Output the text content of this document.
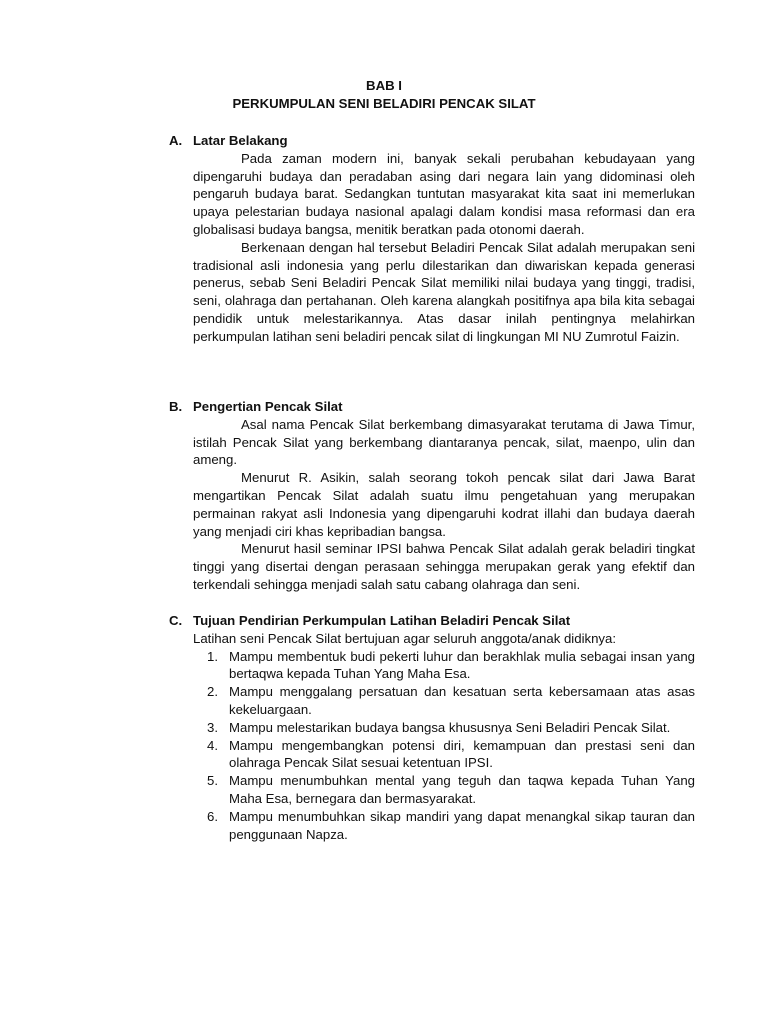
BAB I

PERKUMPULAN SENI BELADIRI PENCAK SILAT

A. Latar Belakang

Pada zaman modern ini, banyak sekali perubahan kebudayaan yang dipengaruhi budaya dan peradaban asing dari negara lain yang didominasi oleh pengaruh budaya barat. Sedangkan tuntutan masyarakat kita saat ini memerlukan upaya pelestarian budaya nasional apalagi dalam kondisi masa reformasi dan era globalisasi budaya bangsa, menitik beratkan pada otonomi daerah.

Berkenaan dengan hal tersebut Beladiri Pencak Silat adalah merupakan seni tradisional asli indonesia yang perlu dilestarikan dan diwariskan kepada generasi penerus, sebab Seni Beladiri Pencak Silat memiliki nilai budaya yang tinggi, tradisi, seni, olahraga dan pertahanan. Oleh karena alangkah positifnya apa bila kita sebagai pendidik untuk melestarikannya. Atas dasar inilah pentingnya melahirkan perkumpulan latihan seni beladiri pencak silat di lingkungan MI NU Zumrotul Faizin.

B. Pengertian Pencak Silat

Asal nama Pencak Silat berkembang dimasyarakat terutama di Jawa Timur, istilah Pencak Silat yang berkembang diantaranya pencak, silat, maenpo, ulin dan ameng.

Menurut R. Asikin, salah seorang tokoh pencak silat dari Jawa Barat mengartikan Pencak Silat adalah suatu ilmu pengetahuan yang merupakan permainan rakyat asli Indonesia yang dipengaruhi kodrat illahi dan budaya daerah yang menjadi ciri khas kepribadian bangsa.

Menurut hasil seminar IPSI bahwa Pencak Silat adalah gerak beladiri tingkat tinggi yang disertai dengan perasaan sehingga merupakan gerak yang efektif dan terkendali sehingga menjadi salah satu cabang olahraga dan seni.

C. Tujuan Pendirian Perkumpulan Latihan Beladiri Pencak Silat

Latihan seni Pencak Silat bertujuan agar seluruh anggota/anak didiknya:

1. Mampu membentuk budi pekerti luhur dan berakhlak mulia sebagai insan yang bertaqwa kepada Tuhan Yang Maha Esa.
2. Mampu menggalang persatuan dan kesatuan serta kebersamaan atas asas kekeluargaan.
3. Mampu melestarikan budaya bangsa khususnya Seni Beladiri Pencak Silat.
4. Mampu mengembangkan potensi diri, kemampuan dan prestasi seni dan olahraga Pencak Silat sesuai ketentuan IPSI.
5. Mampu menumbuhkan mental yang teguh dan taqwa kepada Tuhan Yang Maha Esa, bernegara dan bermasyarakat.
6. Mampu menumbuhkan sikap mandiri yang dapat menangkal sikap tauran dan penggunaan Napza.
